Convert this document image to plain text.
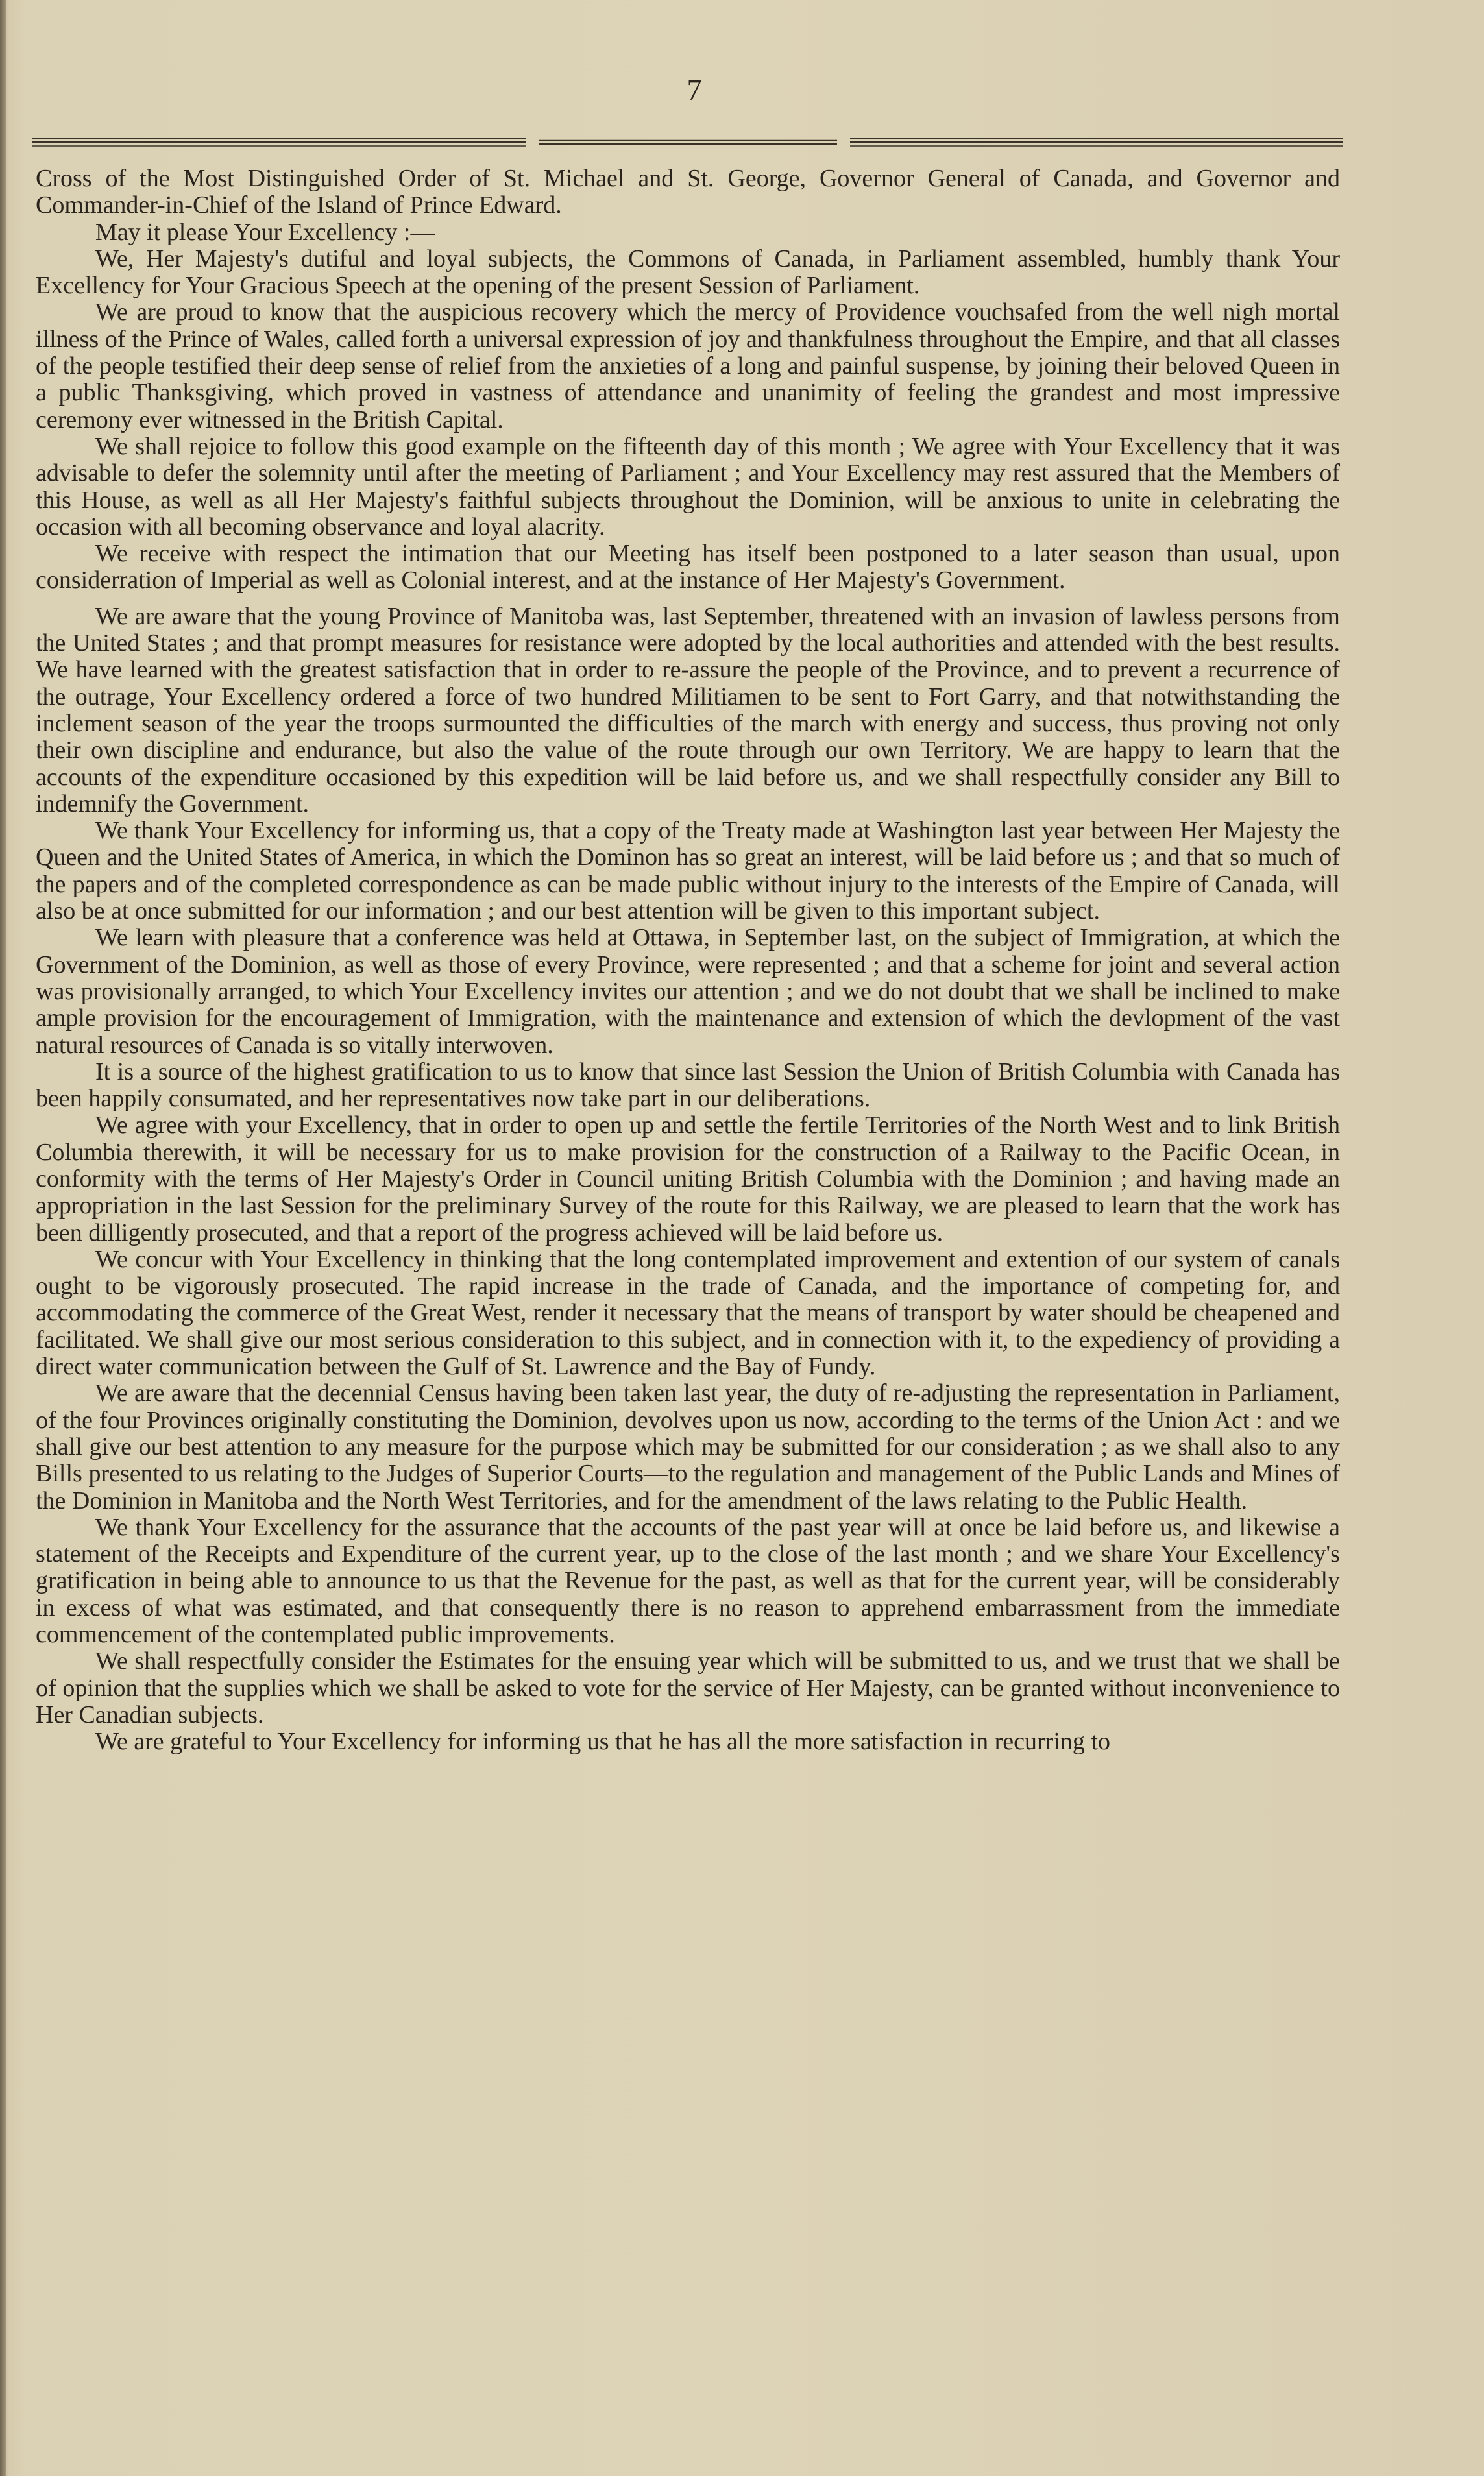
7

Cross of the Most Distinguished Order of St. Michael and St. George, Governor General of Canada, and Governor and Commander-in-Chief of the Island of Prince Edward.

May it please Your Excellency :—

We, Her Majesty's dutiful and loyal subjects, the Commons of Canada, in Parliament assembled, humbly thank Your Excellency for Your Gracious Speech at the opening of the present Session of Parliament.

We are proud to know that the auspicious recovery which the mercy of Providence vouchsafed from the well nigh mortal illness of the Prince of Wales, called forth a universal expression of joy and thankfulness throughout the Empire, and that all classes of the people testified their deep sense of relief from the anxieties of a long and painful suspense, by joining their beloved Queen in a public Thanksgiving, which proved in vastness of attendance and unanimity of feeling the grandest and most impressive ceremony ever witnessed in the British Capital.

We shall rejoice to follow this good example on the fifteenth day of this month ; We agree with Your Excellency that it was advisable to defer the solemnity until after the meeting of Parliament ; and Your Excellency may rest assured that the Members of this House, as well as all Her Majesty's faithful subjects throughout the Dominion, will be anxious to unite in celebrating the occasion with all becoming observance and loyal alacrity.

We receive with respect the intimation that our Meeting has itself been postponed to a later season than usual, upon considerration of Imperial as well as Colonial interest, and at the instance of Her Majesty's Government.

We are aware that the young Province of Manitoba was, last September, threatened with an invasion of lawless persons from the United States ; and that prompt measures for resistance were adopted by the local authorities and attended with the best results. We have learned with the greatest satisfaction that in order to re-assure the people of the Province, and to prevent a recurrence of the outrage, Your Excellency ordered a force of two hundred Militiamen to be sent to Fort Garry, and that notwithstanding the inclement season of the year the troops surmounted the difficulties of the march with energy and success, thus proving not only their own discipline and endurance, but also the value of the route through our own Territory. We are happy to learn that the accounts of the expenditure occasioned by this expedition will be laid before us, and we shall respectfully consider any Bill to indemnify the Government.

We thank Your Excellency for informing us, that a copy of the Treaty made at Washington last year between Her Majesty the Queen and the United States of America, in which the Dominon has so great an interest, will be laid before us ; and that so much of the papers and of the completed correspondence as can be made public without injury to the interests of the Empire of Canada, will also be at once submitted for our information ; and our best attention will be given to this important subject.

We learn with pleasure that a conference was held at Ottawa, in September last, on the subject of Immigration, at which the Government of the Dominion, as well as those of every Province, were represented ; and that a scheme for joint and several action was provisionally arranged, to which Your Excellency invites our attention ; and we do not doubt that we shall be inclined to make ample provision for the encouragement of Immigration, with the maintenance and extension of which the devlopment of the vast natural resources of Canada is so vitally interwoven.

It is a source of the highest gratification to us to know that since last Session the Union of British Columbia with Canada has been happily consumated, and her representatives now take part in our deliberations.

We agree with your Excellency, that in order to open up and settle the fertile Territories of the North West and to link British Columbia therewith, it will be necessary for us to make provision for the construction of a Railway to the Pacific Ocean, in conformity with the terms of Her Majesty's Order in Council uniting British Columbia with the Dominion ; and having made an appropriation in the last Session for the preliminary Survey of the route for this Railway, we are pleased to learn that the work has been dilligently prosecuted, and that a report of the progress achieved will be laid before us.

We concur with Your Excellency in thinking that the long contemplated improvement and extention of our system of canals ought to be vigorously prosecuted. The rapid increase in the trade of Canada, and the importance of competing for, and accommodating the commerce of the Great West, render it necessary that the means of transport by water should be cheapened and facilitated. We shall give our most serious consideration to this subject, and in connection with it, to the expediency of providing a direct water communication between the Gulf of St. Lawrence and the Bay of Fundy.

We are aware that the decennial Census having been taken last year, the duty of re-adjusting the representation in Parliament, of the four Provinces originally constituting the Dominion, devolves upon us now, according to the terms of the Union Act : and we shall give our best attention to any measure for the purpose which may be submitted for our consideration ; as we shall also to any Bills presented to us relating to the Judges of Superior Courts—to the regulation and management of the Public Lands and Mines of the Dominion in Manitoba and the North West Territories, and for the amendment of the laws relating to the Public Health.

We thank Your Excellency for the assurance that the accounts of the past year will at once be laid before us, and likewise a statement of the Receipts and Expenditure of the current year, up to the close of the last month ; and we share Your Excellency's gratification in being able to announce to us that the Revenue for the past, as well as that for the current year, will be considerably in excess of what was estimated, and that consequently there is no reason to apprehend embarrassment from the immediate commencement of the contemplated public improvements.

We shall respectfully consider the Estimates for the ensuing year which will be submitted to us, and we trust that we shall be of opinion that the supplies which we shall be asked to vote for the service of Her Majesty, can be granted without inconvenience to Her Canadian subjects.

We are grateful to Your Excellency for informing us that he has all the more satisfaction in recurring to
